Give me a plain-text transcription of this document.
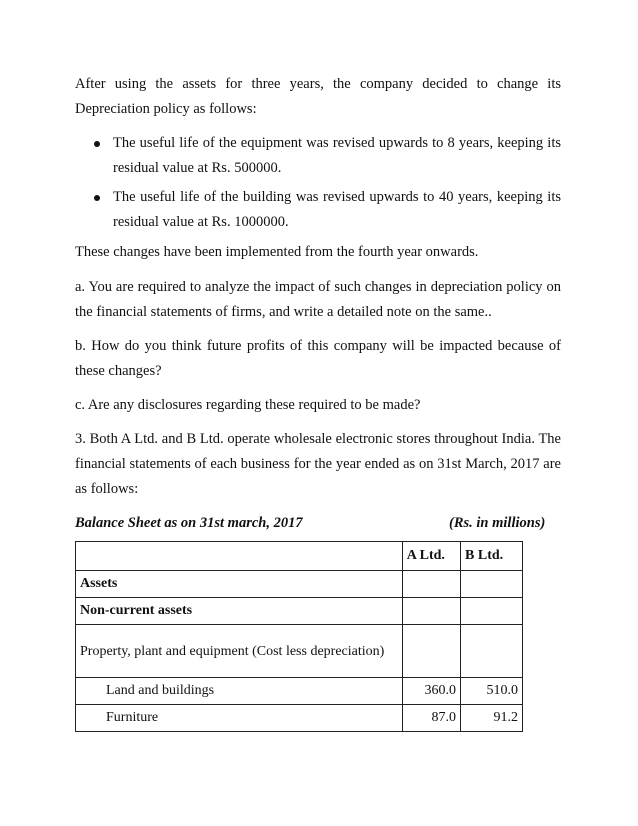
After using the assets for three years, the company decided to change its Depreciation policy as follows:

The useful life of the equipment was revised upwards to 8 years, keeping its residual value at Rs. 500000.
The useful life of the building was revised upwards to 40 years, keeping its residual value at Rs. 1000000.

These changes have been implemented from the fourth year onwards.

a. You are required to analyze the impact of such changes in depreciation policy on the financial statements of firms, and write a detailed note on the same..

b. How do you think future profits of this company will be impacted because of these changes?

c. Are any disclosures regarding these required to be made?

3. Both A Ltd. and B Ltd. operate wholesale electronic stores throughout India. The financial statements of each business for the year ended as on 31st March, 2017 are as follows:

Balance Sheet as on 31st march, 2017	(Rs. in millions)
	A Ltd.	B Ltd.
Assets		
Non-current assets		
Property, plant and equipment (Cost less depreciation)		
Land and buildings	360.0	510.0
Furniture	87.0	91.2
